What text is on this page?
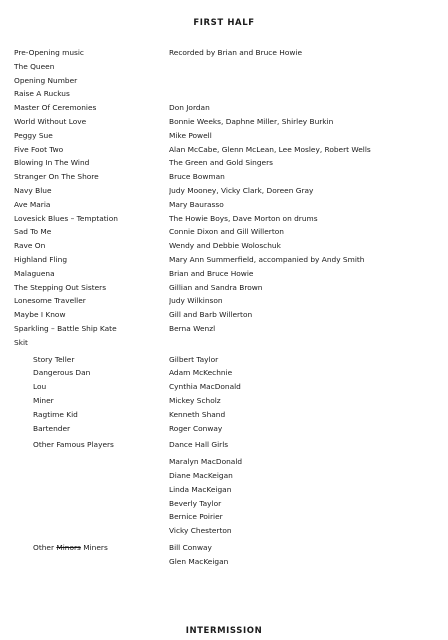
FIRST HALF
Pre-Opening music	Recorded by Brian and Bruce Howie
The Queen
Opening Number
Raise A Ruckus
Master Of Ceremonies	Don Jordan
World Without Love	Bonnie Weeks, Daphne Miller, Shirley Burkin
Peggy Sue	Mike Powell
Five Foot Two	Alan McCabe, Glenn McLean, Lee Mosley, Robert Wells
Blowing In The Wind	The Green and Gold Singers
Stranger On The Shore	Bruce Bowman
Navy Blue	Judy Mooney, Vicky Clark, Doreen Gray
Ave Maria	Mary Baurasso
Lovesick Blues – Temptation	The Howie Boys, Dave Morton on drums
Sad To Me	Connie Dixon and Gill Willerton
Rave On	Wendy and Debbie Woloschuk
Highland Fling	Mary Ann Summerfield, accompanied by Andy Smith
Malaguena	Brian and Bruce Howie
The Stepping Out Sisters	Gillian and Sandra Brown
Lonesome Traveller	Judy Wilkinson
Maybe I Know	Gill and Barb Willerton
Sparkling – Battle Ship Kate	Berna Wenzl
Skit
Story Teller	Gilbert Taylor
Dangerous Dan	Adam McKechnie
Lou	Cynthia MacDonald
Miner	Mickey Scholz
Ragtime Kid	Kenneth Shand
Bartender	Roger Conway
Other Famous Players	Dance Hall Girls
Maralyn MacDonald
Diane MacKeigan
Linda MacKeigan
Beverly Taylor
Bernice Poirier
Vicky Chesterton
Other Minors Miners	Bill Conway
Glen MacKeigan
INTERMISSION
